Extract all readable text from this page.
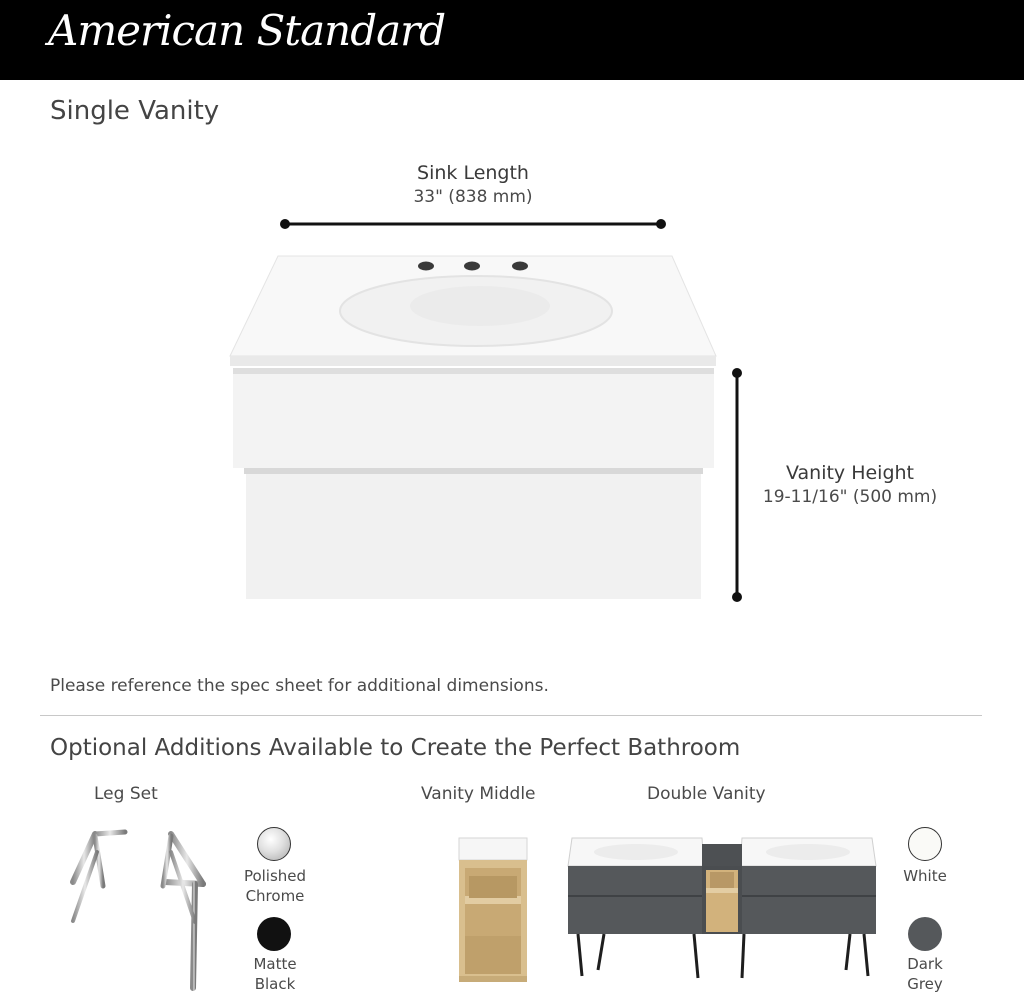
American Standard
Single Vanity
Sink Length
33" (838 mm)
Vanity Height
19-11/16" (500 mm)
Please reference the spec sheet for additional dimensions.
Optional Additions Available to Create the Perfect Bathroom
Leg Set	Vanity Middle	Double Vanity
Polished
Chrome
Matte
Black
White
Dark
Grey
